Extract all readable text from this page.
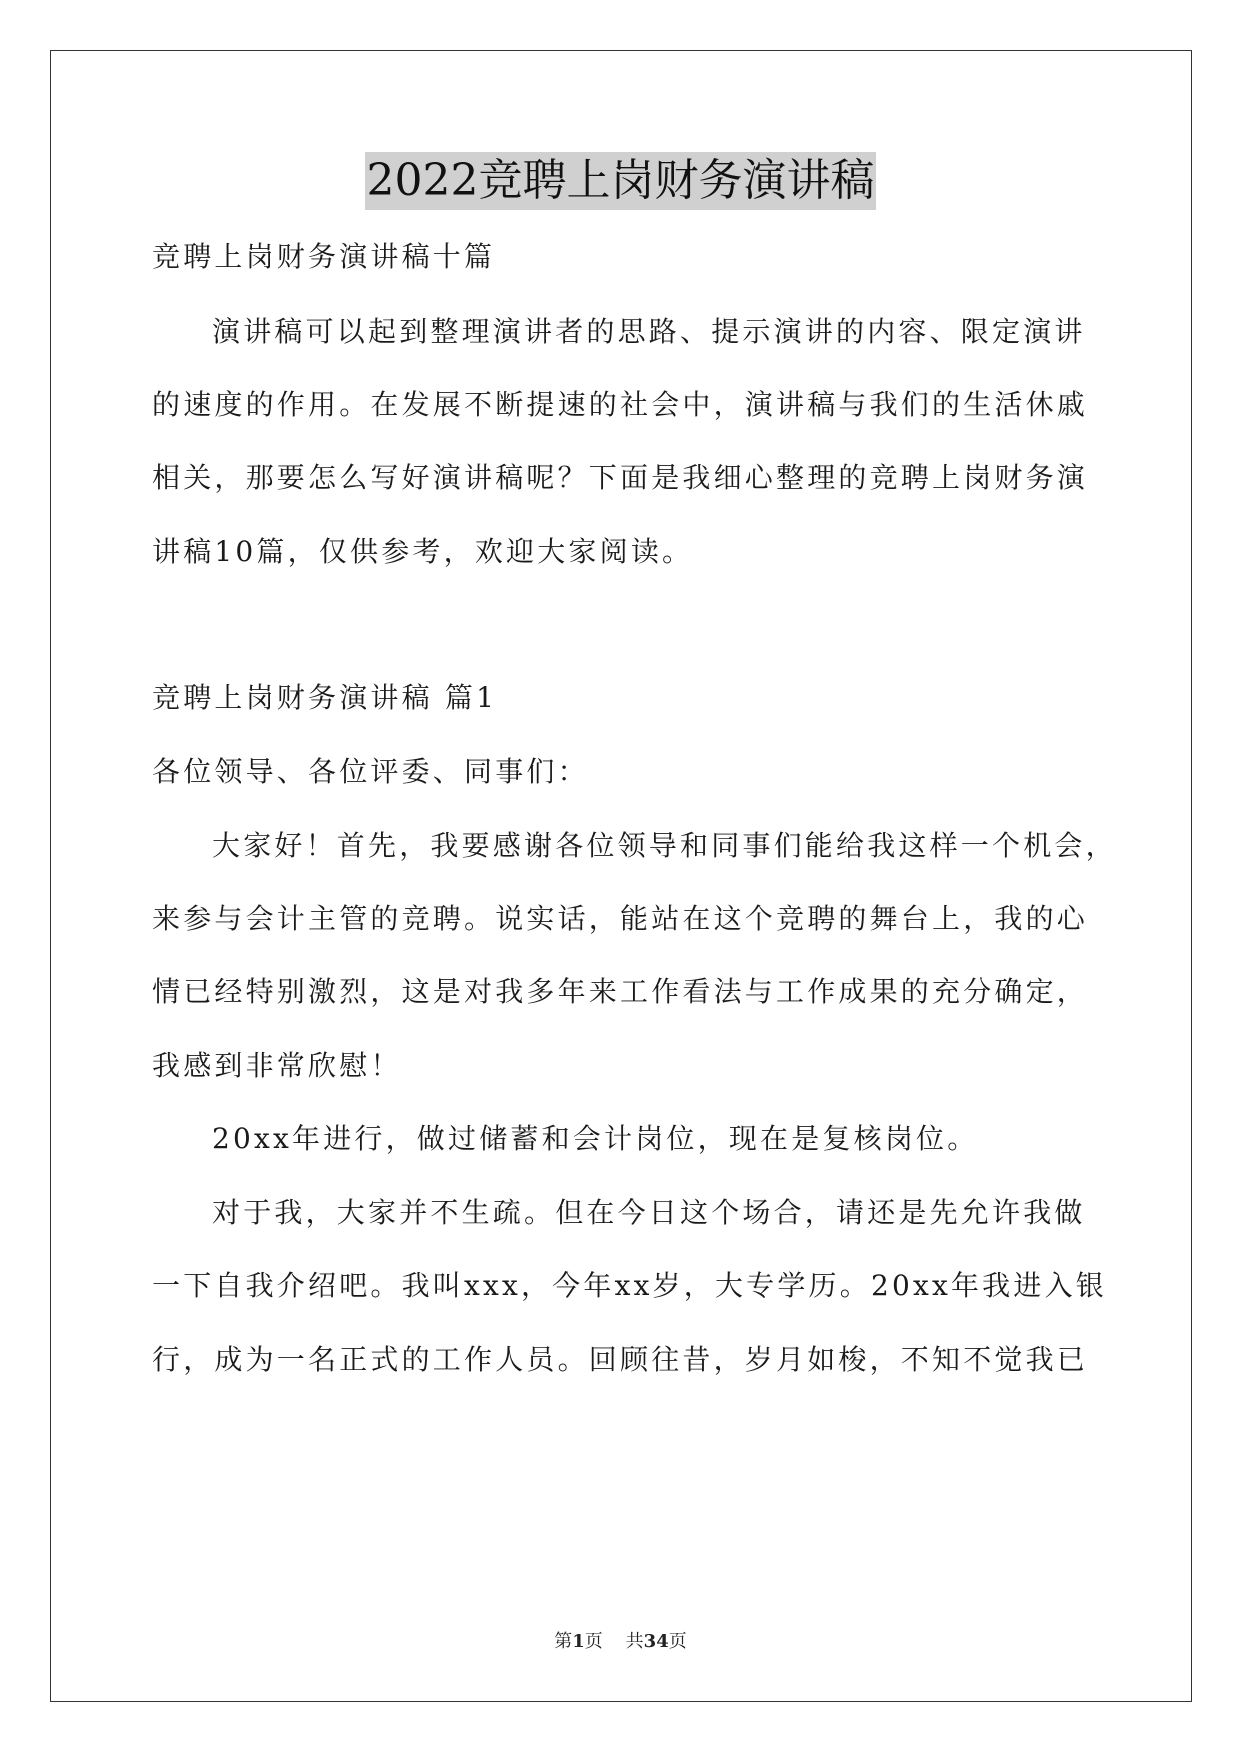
2022竞聘上岗财务演讲稿
竞聘上岗财务演讲稿十篇
演讲稿可以起到整理演讲者的思路、提示演讲的内容、限定演讲
的速度的作用。在发展不断提速的社会中，演讲稿与我们的生活休戚
相关，那要怎么写好演讲稿呢？下面是我细心整理的竞聘上岗财务演
讲稿10篇，仅供参考，欢迎大家阅读。
竞聘上岗财务演讲稿 篇1
各位领导、各位评委、同事们：
大家好！首先，我要感谢各位领导和同事们能给我这样一个机会，
来参与会计主管的竞聘。说实话，能站在这个竞聘的舞台上，我的心
情已经特别激烈，这是对我多年来工作看法与工作成果的充分确定，
我感到非常欣慰！
20xx年进行，做过储蓄和会计岗位，现在是复核岗位。
对于我，大家并不生疏。但在今日这个场合，请还是先允许我做
一下自我介绍吧。我叫xxx，今年xx岁，大专学历。20xx年我进入银
行，成为一名正式的工作人员。回顾往昔，岁月如梭，不知不觉我已
第1页 共34页
